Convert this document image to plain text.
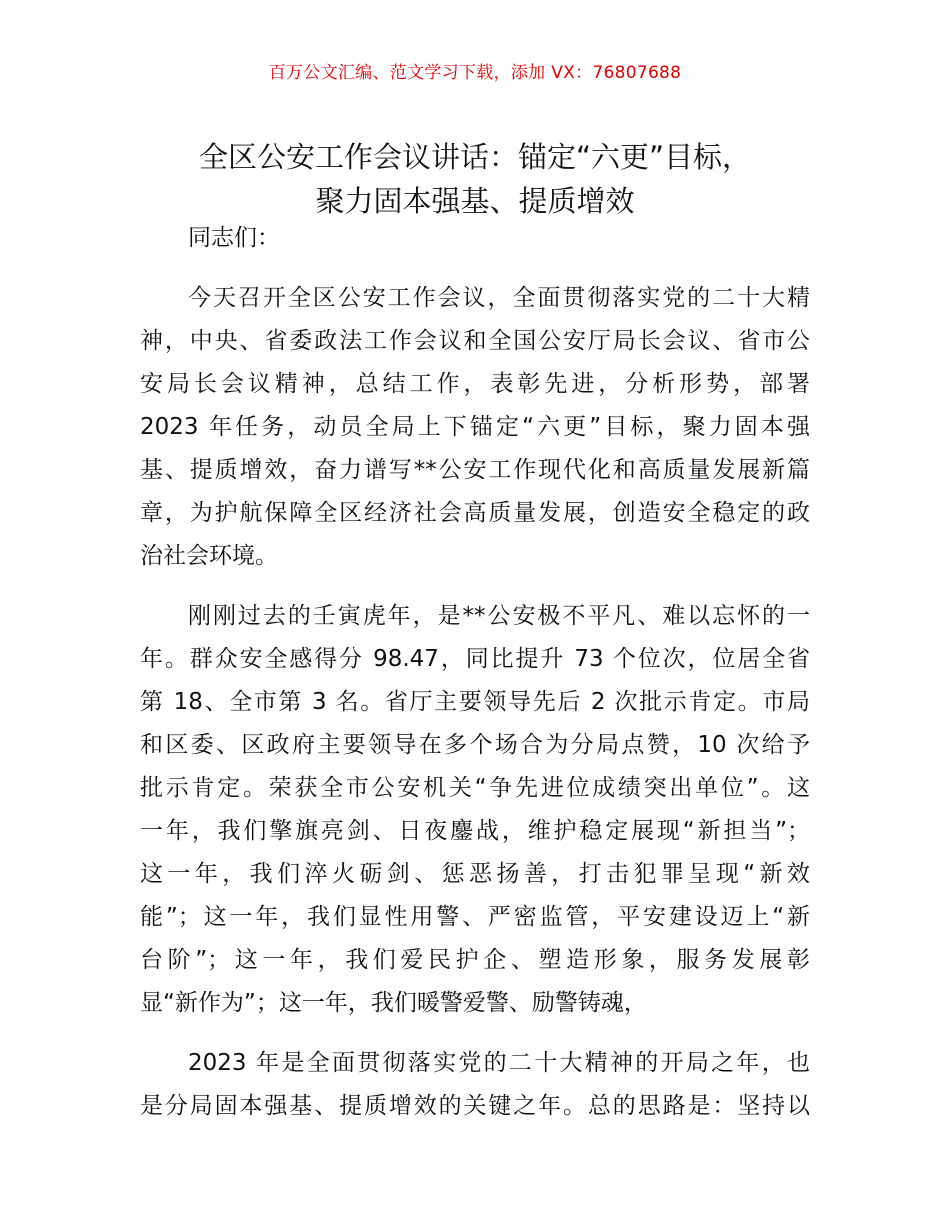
百万公文汇编、范文学习下载，添加 VX：76807688
全区公安工作会议讲话：锚定“六更”目标，
聚力固本强基、提质增效
同志们：
今天召开全区公安工作会议，全面贯彻落实党的二十大精
神，中央、省委政法工作会议和全国公安厅局长会议、省市公
安局长会议精神，总结工作，表彰先进，分析形势，部署
2023 年任务，动员全局上下锚定“六更”目标，聚力固本强
基、提质增效，奋力谱写**公安工作现代化和高质量发展新篇
章，为护航保障全区经济社会高质量发展，创造安全稳定的政
治社会环境。
刚刚过去的壬寅虎年，是**公安极不平凡、难以忘怀的一
年。群众安全感得分 98.47，同比提升 73 个位次，位居全省
第 18、全市第 3 名。省厅主要领导先后 2 次批示肯定。市局
和区委、区政府主要领导在多个场合为分局点赞，10 次给予
批示肯定。荣获全市公安机关“争先进位成绩突出单位”。这
一年，我们擎旗亮剑、日夜鏖战，维护稳定展现“新担当”；
这一年，我们淬火砺剑、惩恶扬善，打击犯罪呈现“新效
能”；这一年，我们显性用警、严密监管，平安建设迈上“新
台阶”；这一年，我们爱民护企、塑造形象，服务发展彰
显“新作为”；这一年，我们暖警爱警、励警铸魂，
2023 年是全面贯彻落实党的二十大精神的开局之年，也
是分局固本强基、提质增效的关键之年。总的思路是：坚持以
